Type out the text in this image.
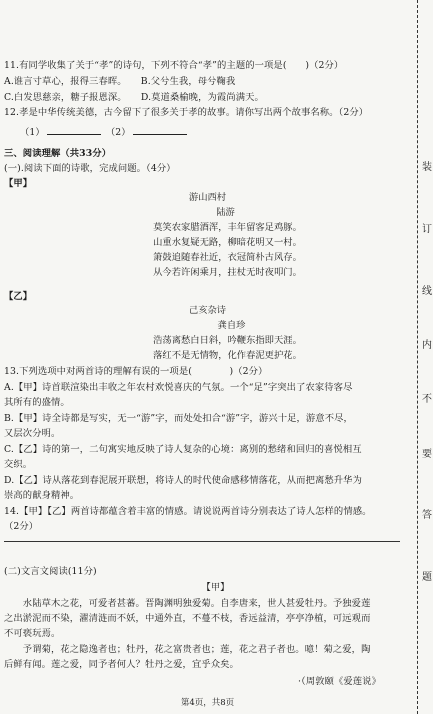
11.有同学收集了关于“孝”的诗句，下列不符合“孝”的主题的一项是(　　)（2分）
A.谁言寸草心，报得三春晖。　　B.父兮生我，母兮鞠我
C.白发思慈亲，糖子报恩深。　　D.莫道桑榆晚，为霞尚满天。
12.孝是中华传统美德，古今留下了很多关于孝的故事。请你写出两个故事名称。（2分）
（1）	（2）
三、阅读理解（共33分）
(一).阅读下面的诗歌，完成问题。（4分）
【甲】
游山西村
陆游
莫笑农家腊酒浑，丰年留客足鸡豚。
山重水复疑无路，柳暗花明又一村。
箫鼓追随春社近，衣冠简朴古风存。
从今若许闲乘月，拄杖无时夜叩门。
【乙】
己亥杂诗
龚自珍
浩荡离愁白日斜，吟鞭东指即天涯。
落红不是无情物，化作春泥更护花。
13.下列选项中对两首诗的理解有误的一项是(　　　　)（2分）
A.【甲】诗首联渲染出丰收之年农村欢悦喜庆的气氛。一个“足”字突出了农家待客尽
其所有的盛情。
B.【甲】诗全诗都是写实，无一“游”字，而处处扣合“游”字，游兴十足，游意不尽，
又层次分明。
C.【乙】诗的第一，二句寓实地反映了诗人复杂的心境：离别的愁绪和回归的喜悦相互
交织。
D.【乙】诗从落花到春泥展开联想，将诗人的时代使命感移情落花，从而把离愁升华为
崇高的献身精神。
14.【甲】【乙】两首诗都蕴含着丰富的情感。请说说两首诗分别表达了诗人怎样的情感。
（2分）
(二)文言文阅读(11分)
【甲】
　　水陆草木之花，可爱者甚蕃。晋陶渊明独爱菊。自李唐来，世人甚爱牡丹。予独爱莲
之出淤泥而不染，濯清涟而不妖，中通外直，不蔓不枝，香远益清，亭亭净植，可远观而
不可亵玩焉。
　　予谓菊，花之隐逸者也；牡丹，花之富贵者也；莲，花之君子者也。噫！菊之爱，陶
后鲜有闻。莲之爱，同予者何人？牡丹之爱，宜乎众矣。
·（周敦颐《爱莲说》
第4页，共8页
装
订
线
内
不
要
答
题
